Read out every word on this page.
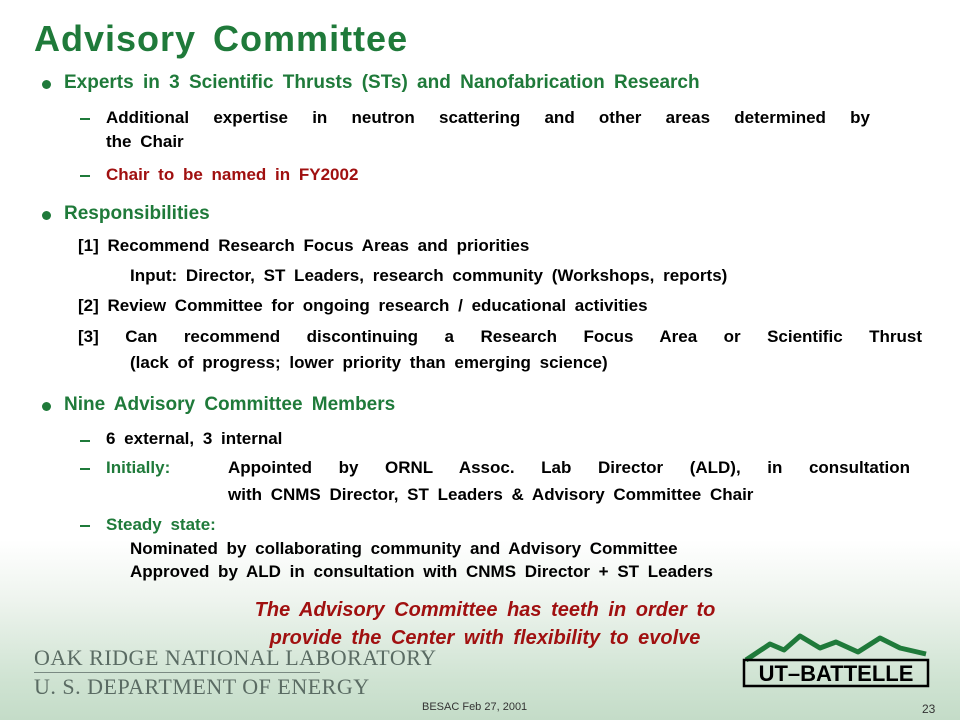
Advisory Committee
Experts in 3 Scientific Thrusts (STs) and Nanofabrication Research
Additional expertise in neutron scattering and other areas determined by
the Chair
Chair to be named in FY2002
Responsibilities
[1] Recommend Research Focus Areas and priorities
Input: Director, ST Leaders, research community (Workshops, reports)
[2] Review Committee for ongoing research / educational activities
[3] Can recommend discontinuing a Research Focus Area or Scientific Thrust
(lack of progress; lower priority than emerging science)
Nine Advisory Committee Members
6 external, 3 internal
Initially:	Appointed by ORNL Assoc. Lab Director (ALD), in consultation
with CNMS Director, ST Leaders & Advisory Committee Chair
Steady state:
Nominated by collaborating community and Advisory Committee
Approved by ALD in consultation with CNMS Director + ST Leaders
The Advisory Committee has teeth in order to
provide the Center with flexibility to evolve
OAK RIDGE NATIONAL LABORATORY
U. S. DEPARTMENT OF ENERGY
UT–BATTELLE
BESAC Feb 27, 2001	23
